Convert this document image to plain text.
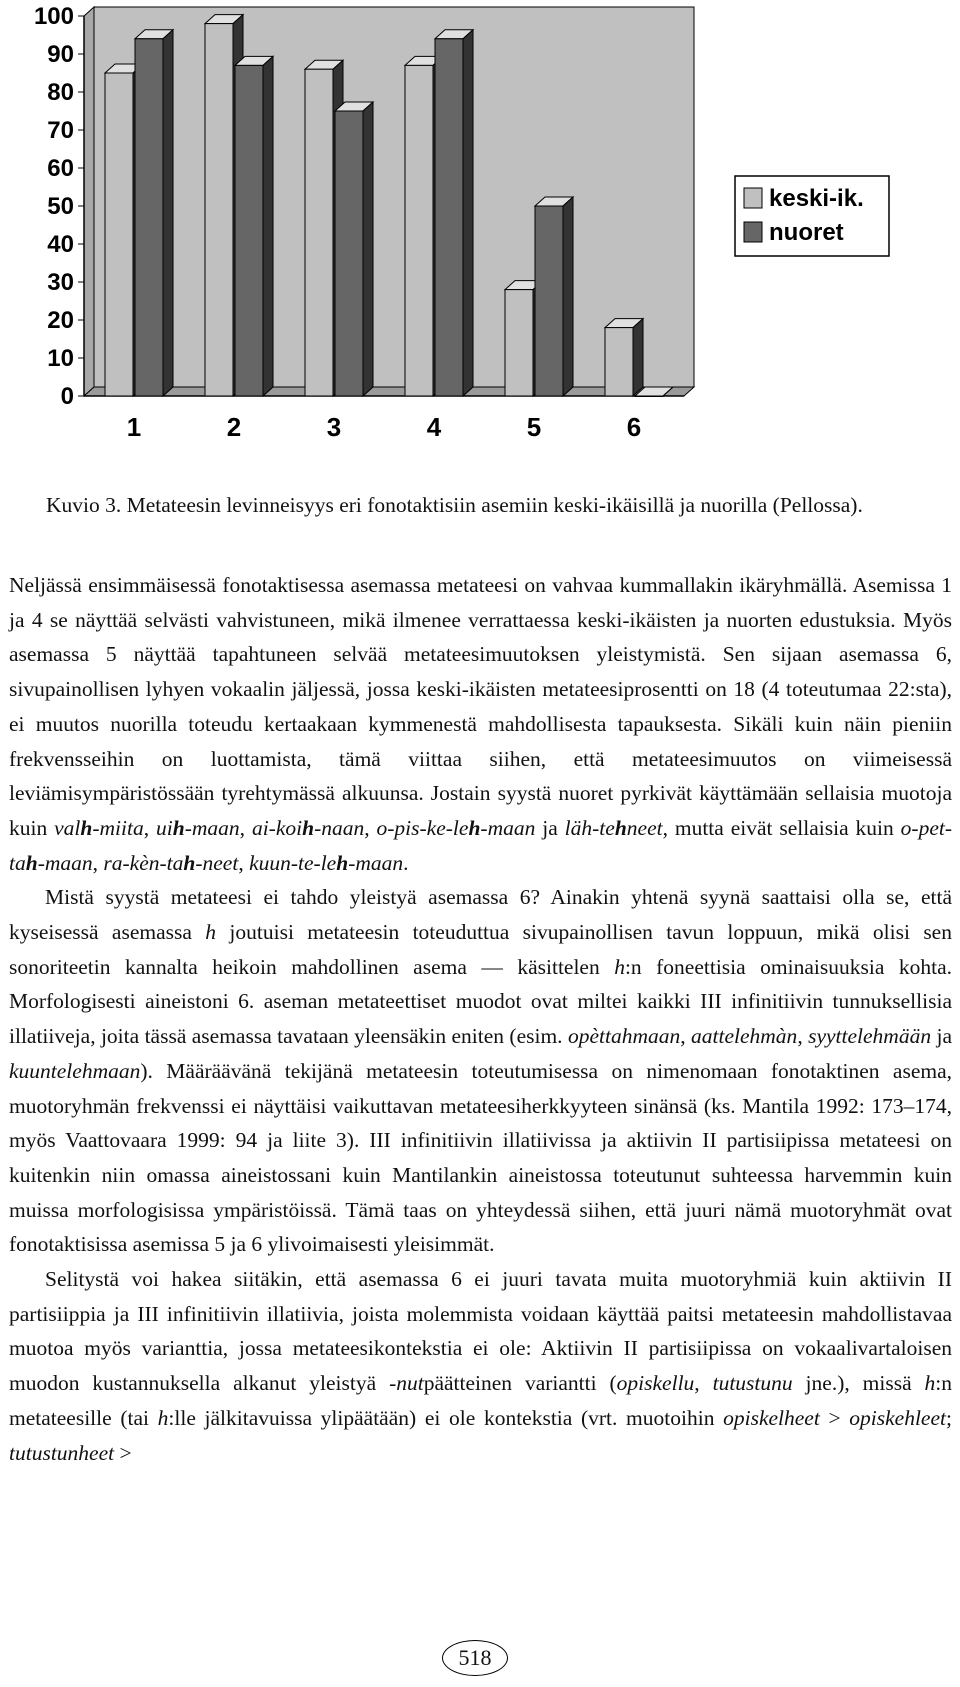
0
10
20
30
40
50
60
70
80
90
100
1	2	3	4	5	6
keski-ik.
nuoret
Kuvio 3. Metateesin levinneisyys eri fonotaktisiin asemiin keski-ikäisillä ja nuorilla (Pellossa).

Neljässä ensimmäisessä fonotaktisessa asemassa metateesi on vahvaa kummallakin ikäryhmällä. Asemissa 1 ja 4 se näyttää selvästi vahvistuneen, mikä ilmenee verrattaessa keski-ikäisten ja nuorten edustuksia. Myös asemassa 5 näyttää tapahtuneen selvää metateesimuutoksen yleistymistä. Sen sijaan asemassa 6, sivupainollisen lyhyen vokaalin jäljessä, jossa keski-ikäisten metateesiprosentti on 18 (4 toteutumaa 22:sta), ei muutos nuorilla toteudu kertaakaan kymmenestä mahdollisesta tapauksesta. Sikäli kuin näin pieniin frekvensseihin on luottamista, tämä viittaa siihen, että metateesimuutos on viimeisessä leviämisympäristössään tyrehtymässä alkuunsa. Jostain syystä nuoret pyrkivät käyttämään sellaisia muotoja kuin valh-miita, uih-maan, ai-koih-naan, o-pis-ke-leh-maan ja läh-tehneet, mutta eivät sellaisia kuin o-pet-tah-maan, ra-kèn-tah-neet, kuun-te-leh-maan.

Mistä syystä metateesi ei tahdo yleistyä asemassa 6? Ainakin yhtenä syynä saattaisi olla se, että kyseisessä asemassa h joutuisi metateesin toteuduttua sivupainollisen tavun loppuun, mikä olisi sen sonoriteetin kannalta heikoin mahdollinen asema — käsittelen h:n foneettisia ominaisuuksia kohta. Morfologisesti aineistoni 6. aseman metateettiset muodot ovat miltei kaikki III infinitiivin tunnuksellisia illatiiveja, joita tässä asemassa tavataan yleensäkin eniten (esim. opèttahmaan, aattelehmàn, syyttelehmään ja kuuntelehmaan). Määräävänä tekijänä metateesin toteutumisessa on nimenomaan fonotaktinen asema, muotoryhmän frekvenssi ei näyttäisi vaikuttavan metateesiherkkyyteen sinänsä (ks. Mantila 1992: 173–174, myös Vaattovaara 1999: 94 ja liite 3). III infinitiivin illatiivissa ja aktiivin II partisiipissa metateesi on kuitenkin niin omassa aineistossani kuin Mantilankin aineistossa toteutunut suhteessa harvemmin kuin muissa morfologisissa ympäristöissä. Tämä taas on yhteydessä siihen, että juuri nämä muotoryhmät ovat fonotaktisissa asemissa 5 ja 6 ylivoimaisesti yleisimmät.

Selitystä voi hakea siitäkin, että asemassa 6 ei juuri tavata muita muotoryhmiä kuin aktiivin II partisiippia ja III infinitiivin illatiivia, joista molemmista voidaan käyttää paitsi metateesin mahdollistavaa muotoa myös varianttia, jossa metateesikontekstia ei ole: Aktiivin II partisiipissa on vokaalivartaloisen muodon kustannuksella alkanut yleistyä -nutpäätteinen variantti (opiskellu, tutustunu jne.), missä h:n metateesille (tai h:lle jälkitavuissa ylipäätään) ei ole kontekstia (vrt. muotoihin opiskelheet > opiskehleet; tutustunheet >

518
